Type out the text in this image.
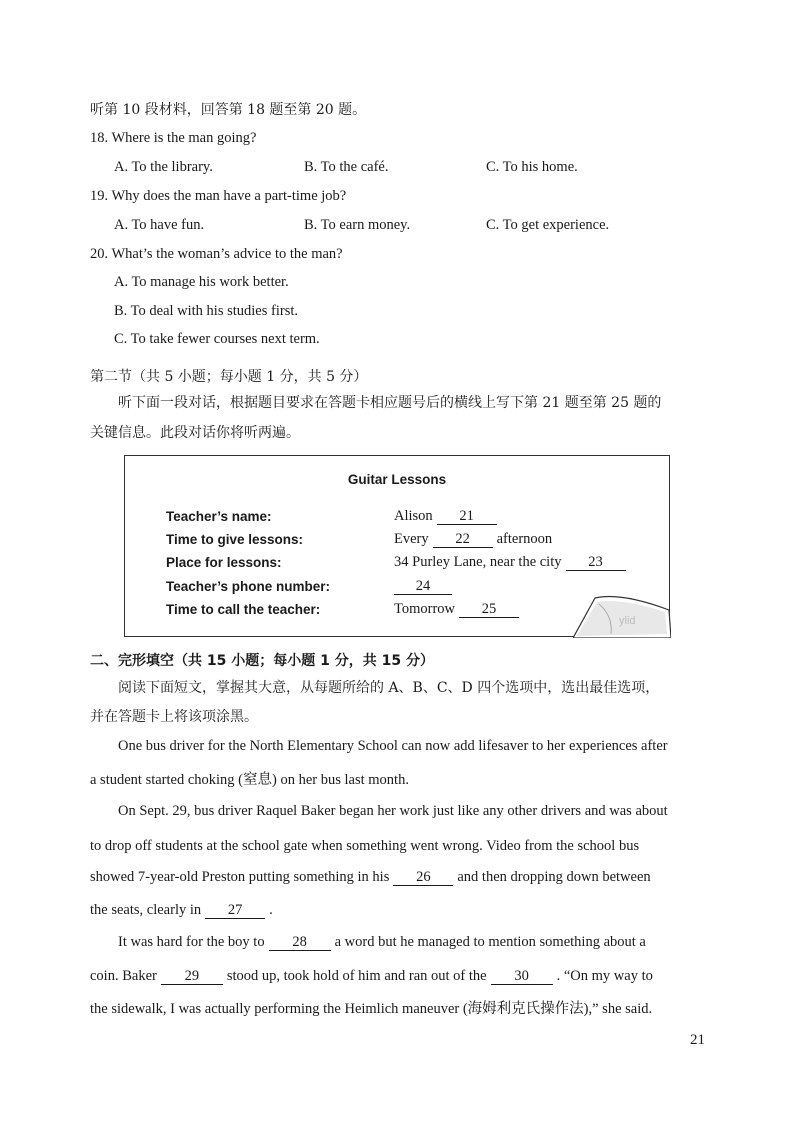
听第 10 段材料，回答第 18 题至第 20 题。
18. Where is the man going?
A. To the library.	B. To the café.	C. To his home.
19. Why does the man have a part-time job?
A. To have fun.	B. To earn money.	C. To get experience.
20. What’s the woman’s advice to the man?
A. To manage his work better.
B. To deal with his studies first.
C. To take fewer courses next term.
第二节（共 5 小题；每小题 1 分，共 5 分）
听下面一段对话，根据题目要求在答题卡相应题号后的横线上写下第 21 题至第 25 题的
关键信息。此段对话你将听两遍。
Guitar Lessons
Teacher’s name:	Alison 21
Time to give lessons:	Every 22 afternoon
Place for lessons:	34 Purley Lane, near the city 23
Teacher’s phone number:	24
Time to call the teacher:	Tomorrow 25
ylid
二、完形填空（共 15 小题；每小题 1 分，共 15 分）
阅读下面短文，掌握其大意，从每题所给的 A、B、C、D 四个选项中，选出最佳选项，
并在答题卡上将该项涂黑。
One bus driver for the North Elementary School can now add lifesaver to her experiences after
a student started choking (窒息) on her bus last month.
On Sept. 29, bus driver Raquel Baker began her work just like any other drivers and was about
to drop off students at the school gate when something went wrong. Video from the school bus
showed 7-year-old Preston putting something in his 26 and then dropping down between
the seats, clearly in 27 .
It was hard for the boy to 28 a word but he managed to mention something about a
coin. Baker 29 stood up, took hold of him and ran out of the 30 . “On my way to
the sidewalk, I was actually performing the Heimlich maneuver (海姆利克氏操作法),” she said.
21
